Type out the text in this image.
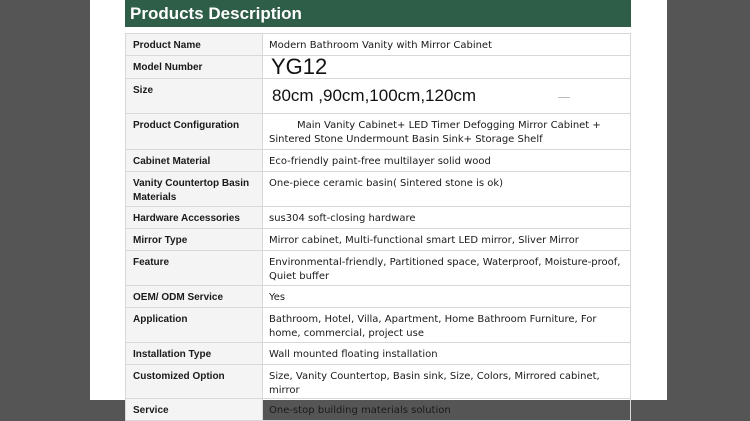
Products Description
Product Name	Modern Bathroom Vanity with Mirror Cabinet
Model Number	YG12

Size	80cm ,90cm,100cm,120cm

Product Configuration	Main Vanity Cabinet+ LED Timer Defogging Mirror Cabinet + Sintered Stone Undermount Basin Sink+ Storage Shelf

Cabinet Material	Eco-friendly paint-free multilayer solid wood
Vanity Countertop Basin Materials	One-piece ceramic basin( Sintered stone is ok)
Hardware Accessories	sus304 soft-closing hardware
Mirror Type	Mirror cabinet, Multi-functional smart LED mirror, Sliver Mirror
Feature	Environmental-friendly, Partitioned space, Waterproof, Moisture-proof, Quiet buffer
OEM/ ODM Service	Yes
Application	Bathroom, Hotel, Villa, Apartment, Home Bathroom Furniture, For home, commercial, project use
Installation Type	Wall mounted floating installation
Customized Option	Size, Vanity Countertop, Basin sink, Size, Colors, Mirrored cabinet, mirror
Service	One-stop building materials solution
